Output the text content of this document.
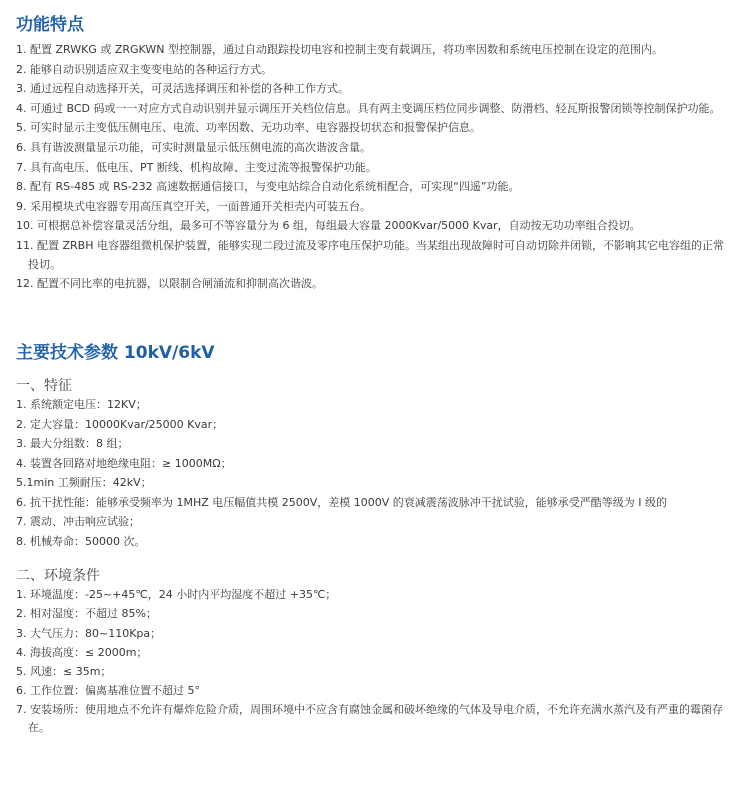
功能特点
1. 配置 ZRWKG 或 ZRGKWN 型控制器，通过自动跟踪投切电容和控制主变有载调压，将功率因数和系统电压控制在设定的范围内。
2. 能够自动识别适应双主变变电站的各种运行方式。
3. 通过远程自动选择开关，可灵活选择调压和补偿的各种工作方式。
4. 可通过 BCD 码或一一对应方式自动识别并显示调压开关档位信息。具有两主变调压档位同步调整、防滑档、轻瓦斯报警闭锁等控制保护功能。
5. 可实时显示主变低压侧电压、电流、功率因数、无功功率、电容器投切状态和报警保护信息。
6. 具有谐波测量显示功能，可实时测量显示低压侧电流的高次谐波含量。
7. 具有高电压、低电压、PT 断线、机构故障、主变过流等报警保护功能。
8. 配有 RS-485 或 RS-232 高速数据通信接口，与变电站综合自动化系统相配合，可实现“四遥”功能。
9. 采用模块式电容器专用高压真空开关，一面普通开关柜壳内可装五台。
10. 可根据总补偿容量灵活分组，最多可不等容量分为 6 组，每组最大容量 2000Kvar/5000 Kvar，自动按无功功率组合投切。
11. 配置 ZRBH 电容器组微机保护装置，能够实现二段过流及零序电压保护功能。当某组出现故障时可自动切除并闭锁，不影响其它电容组的正常投切。
12. 配置不同比率的电抗器，以限制合闸涌流和抑制高次谐波。
主要技术参数 10kV/6kV
一、特征
1. 系统额定电压：12KV；
2. 定大容量：10000Kvar/25000 Kvar；
3. 最大分组数：8 组；
4. 装置各回路对地绝缘电阻：≥ 1000MΩ；
5.1min 工频耐压：42kV；
6. 抗干扰性能：能够承受频率为 1MHZ 电压幅值共模 2500V，差模 1000V 的衰减震荡波脉冲干扰试验，能够承受严酷等级为 I 级的
7. 震动、冲击响应试验；
8. 机械寿命：50000 次。
二、环境条件
1. 环境温度：-25~+45℃，24 小时内平均湿度不超过 +35℃；
2. 相对湿度：不超过 85%；
3. 大气压力：80~110Kpa；
4. 海拔高度：≤ 2000m；
5. 风速：≤ 35m；
6. 工作位置：偏离基准位置不超过 5°
7. 安装场所：使用地点不允许有爆炸危险介质，周围环境中不应含有腐蚀金属和破坏绝缘的气体及导电介质，不允许充满水蒸汽及有严重的霉菌存在。
